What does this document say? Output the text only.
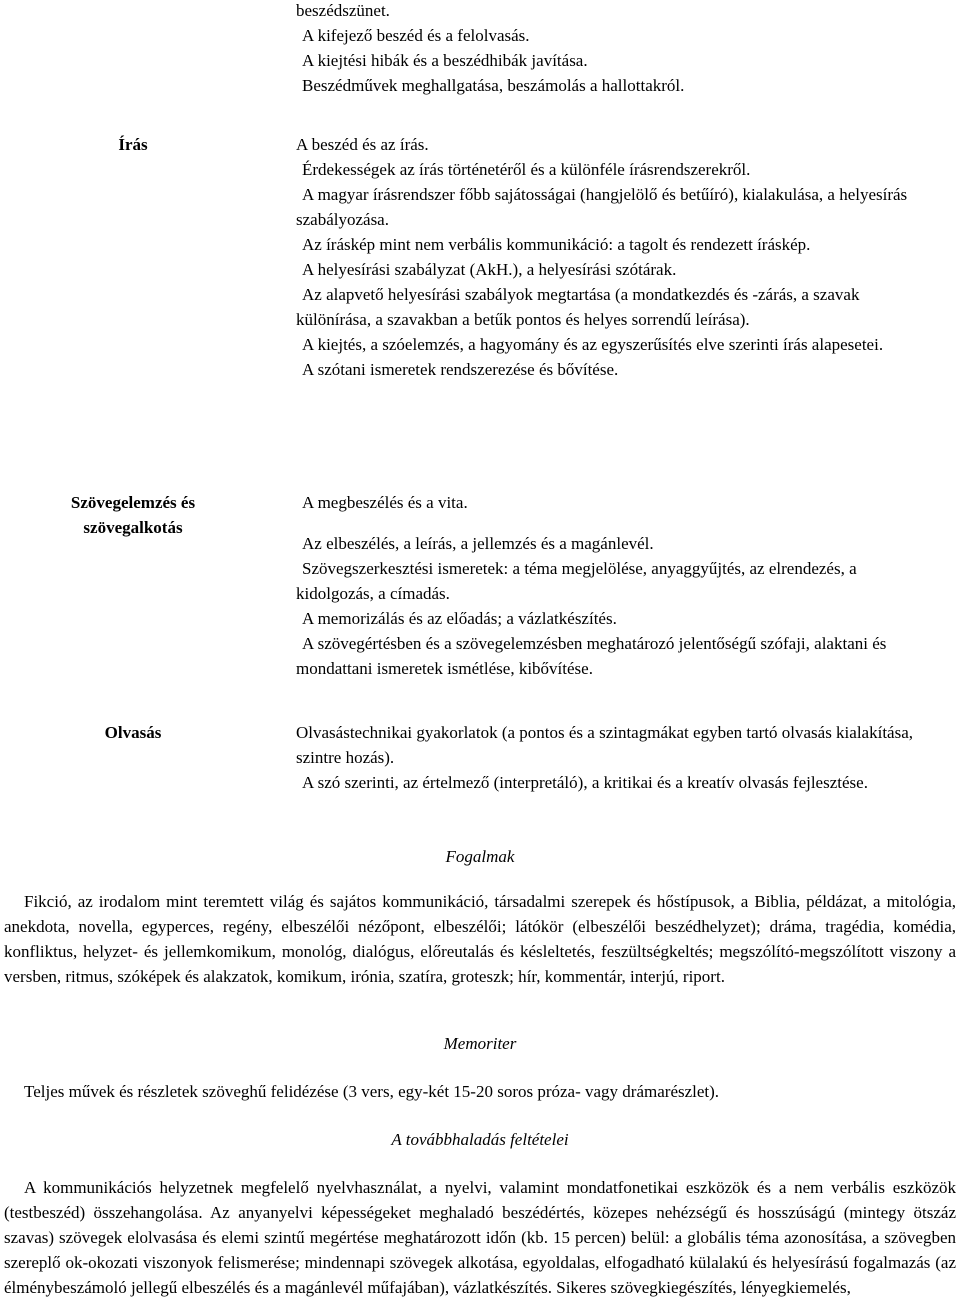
beszédszünet.

A kifejező beszéd és a felolvasás.

A kiejtési hibák és a beszédhibák javítása.

Beszédművek meghallgatása, beszámolás a hallottakról.

Írás	A beszéd és az írás.

Érdekességek az írás történetéről és a különféle írásrendszerekről.

A magyar írásrendszer főbb sajátosságai (hangjelölő és betűíró), kialakulása, a helyesírás szabályozása.

Az íráskép mint nem verbális kommunikáció: a tagolt és rendezett íráskép.

A helyesírási szabályzat (AkH.), a helyesírási szótárak.

Az alapvető helyesírási szabályok megtartása (a mondatkezdés és -zárás, a szavak különírása, a szavakban a betűk pontos és helyes sorrendű leírása).

A kiejtés, a szóelemzés, a hagyomány és az egyszerűsítés elve szerinti írás alapesetei.

A szótani ismeretek rendszerezése és bővítése.

Szövegelemzés és
szövegalkotás

A megbeszélés és a vita.

Az elbeszélés, a leírás, a jellemzés és a magánlevél.

Szövegszerkesztési ismeretek: a téma megjelölése, anyaggyűjtés, az elrendezés, a kidolgozás, a címadás.

A memorizálás és az előadás; a vázlatkészítés.

A szövegértésben és a szövegelemzésben meghatározó jelentőségű szófaji, alaktani és mondattani ismeretek ismétlése, kibővítése.

Olvasás	Olvasástechnikai gyakorlatok (a pontos és a szintagmákat egyben tartó olvasás kialakítása, szintre hozás).

A szó szerinti, az értelmező (interpretáló), a kritikai és a kreatív olvasás fejlesztése.

Fogalmak

Fikció, az irodalom mint teremtett világ és sajátos kommunikáció, társadalmi szerepek és hőstípusok, a Biblia, példázat, a mitológia, anekdota, novella, egyperces, regény, elbeszélői nézőpont, elbeszélői; látókör (elbeszélői beszédhelyzet); dráma, tragédia, komédia, konfliktus, helyzet- és jellemkomikum, monológ, dialógus, előreutalás és késleltetés, feszültségkeltés; megszólító-megszólított viszony a versben, ritmus, szóképek és alakzatok, komikum, irónia, szatíra, groteszk; hír, kommentár, interjú, riport.

Memoriter

Teljes művek és részletek szöveghű felidézése (3 vers, egy-két 15-20 soros próza- vagy drámarészlet).

A továbbhaladás feltételei

A kommunikációs helyzetnek megfelelő nyelvhasználat, a nyelvi, valamint mondatfonetikai eszközök és a nem verbális eszközök (testbeszéd) összehangolása. Az anyanyelvi képességeket meghaladó beszédértés, közepes nehézségű és hosszúságú (mintegy ötszáz szavas) szövegek elolvasása és elemi szintű megértése meghatározott időn (kb. 15 percen) belül: a globális téma azonosítása, a szövegben szereplő ok-okozati viszonyok felismerése; mindennapi szövegek alkotása, egyoldalas, elfogadható külalakú és helyesírású fogalmazás (az élménybeszámoló jellegű elbeszélés és a magánlevél műfajában), vázlatkészítés. Sikeres szövegkiegészítés, lényegkiemelés,
